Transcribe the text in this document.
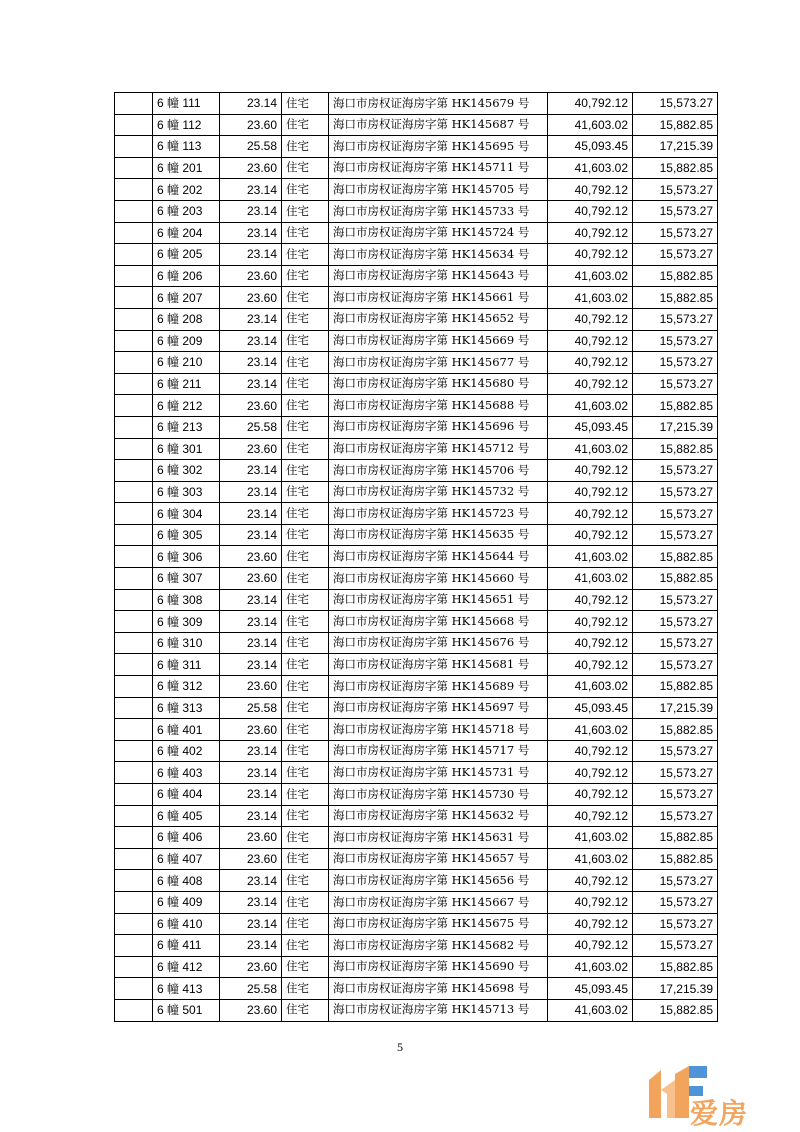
	6 幢 111	23.14	住宅	海口市房权证海房字第 HK145679 号	40,792.12	15,573.27
	6 幢 112	23.60	住宅	海口市房权证海房字第 HK145687 号	41,603.02	15,882.85
	6 幢 113	25.58	住宅	海口市房权证海房字第 HK145695 号	45,093.45	17,215.39
	6 幢 201	23.60	住宅	海口市房权证海房字第 HK145711 号	41,603.02	15,882.85
	6 幢 202	23.14	住宅	海口市房权证海房字第 HK145705 号	40,792.12	15,573.27
	6 幢 203	23.14	住宅	海口市房权证海房字第 HK145733 号	40,792.12	15,573.27
	6 幢 204	23.14	住宅	海口市房权证海房字第 HK145724 号	40,792.12	15,573.27
	6 幢 205	23.14	住宅	海口市房权证海房字第 HK145634 号	40,792.12	15,573.27
	6 幢 206	23.60	住宅	海口市房权证海房字第 HK145643 号	41,603.02	15,882.85
	6 幢 207	23.60	住宅	海口市房权证海房字第 HK145661 号	41,603.02	15,882.85
	6 幢 208	23.14	住宅	海口市房权证海房字第 HK145652 号	40,792.12	15,573.27
	6 幢 209	23.14	住宅	海口市房权证海房字第 HK145669 号	40,792.12	15,573.27
	6 幢 210	23.14	住宅	海口市房权证海房字第 HK145677 号	40,792.12	15,573.27
	6 幢 211	23.14	住宅	海口市房权证海房字第 HK145680 号	40,792.12	15,573.27
	6 幢 212	23.60	住宅	海口市房权证海房字第 HK145688 号	41,603.02	15,882.85
	6 幢 213	25.58	住宅	海口市房权证海房字第 HK145696 号	45,093.45	17,215.39
	6 幢 301	23.60	住宅	海口市房权证海房字第 HK145712 号	41,603.02	15,882.85
	6 幢 302	23.14	住宅	海口市房权证海房字第 HK145706 号	40,792.12	15,573.27
	6 幢 303	23.14	住宅	海口市房权证海房字第 HK145732 号	40,792.12	15,573.27
	6 幢 304	23.14	住宅	海口市房权证海房字第 HK145723 号	40,792.12	15,573.27
	6 幢 305	23.14	住宅	海口市房权证海房字第 HK145635 号	40,792.12	15,573.27
	6 幢 306	23.60	住宅	海口市房权证海房字第 HK145644 号	41,603.02	15,882.85
	6 幢 307	23.60	住宅	海口市房权证海房字第 HK145660 号	41,603.02	15,882.85
	6 幢 308	23.14	住宅	海口市房权证海房字第 HK145651 号	40,792.12	15,573.27
	6 幢 309	23.14	住宅	海口市房权证海房字第 HK145668 号	40,792.12	15,573.27
	6 幢 310	23.14	住宅	海口市房权证海房字第 HK145676 号	40,792.12	15,573.27
	6 幢 311	23.14	住宅	海口市房权证海房字第 HK145681 号	40,792.12	15,573.27
	6 幢 312	23.60	住宅	海口市房权证海房字第 HK145689 号	41,603.02	15,882.85
	6 幢 313	25.58	住宅	海口市房权证海房字第 HK145697 号	45,093.45	17,215.39
	6 幢 401	23.60	住宅	海口市房权证海房字第 HK145718 号	41,603.02	15,882.85
	6 幢 402	23.14	住宅	海口市房权证海房字第 HK145717 号	40,792.12	15,573.27
	6 幢 403	23.14	住宅	海口市房权证海房字第 HK145731 号	40,792.12	15,573.27
	6 幢 404	23.14	住宅	海口市房权证海房字第 HK145730 号	40,792.12	15,573.27
	6 幢 405	23.14	住宅	海口市房权证海房字第 HK145632 号	40,792.12	15,573.27
	6 幢 406	23.60	住宅	海口市房权证海房字第 HK145631 号	41,603.02	15,882.85
	6 幢 407	23.60	住宅	海口市房权证海房字第 HK145657 号	41,603.02	15,882.85
	6 幢 408	23.14	住宅	海口市房权证海房字第 HK145656 号	40,792.12	15,573.27
	6 幢 409	23.14	住宅	海口市房权证海房字第 HK145667 号	40,792.12	15,573.27
	6 幢 410	23.14	住宅	海口市房权证海房字第 HK145675 号	40,792.12	15,573.27
	6 幢 411	23.14	住宅	海口市房权证海房字第 HK145682 号	40,792.12	15,573.27
	6 幢 412	23.60	住宅	海口市房权证海房字第 HK145690 号	41,603.02	15,882.85
	6 幢 413	25.58	住宅	海口市房权证海房字第 HK145698 号	45,093.45	17,215.39
	6 幢 501	23.60	住宅	海口市房权证海房字第 HK145713 号	41,603.02	15,882.85
5
爱房
